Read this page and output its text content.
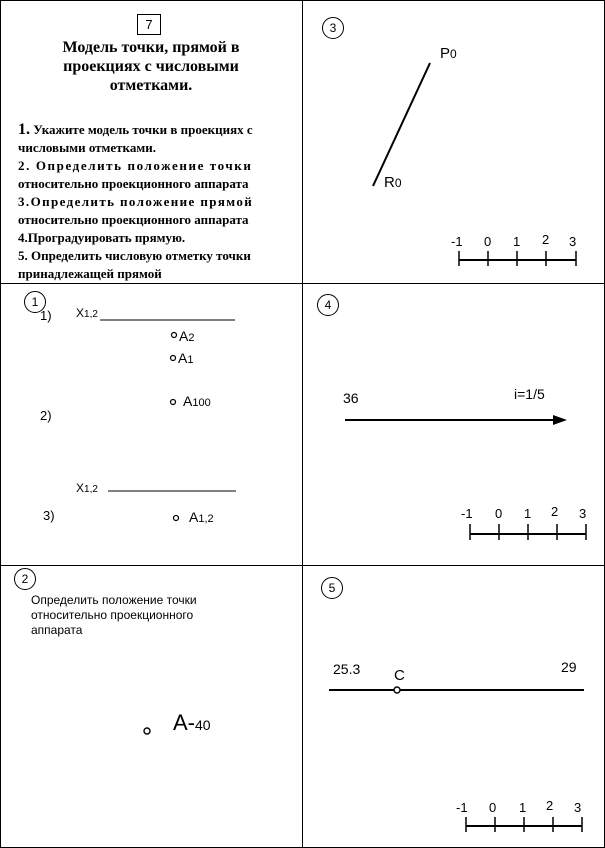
7
Модель точки, прямой в
проекциях с числовыми
отметками.
1. Укажите модель точки в проекциях с
числовыми отметками.
2. Определить положение точки
относительно проекционного аппарата
3.Определить положение прямой
относительно проекционного аппарата
4.Проградуировать прямую.
5. Определить числовую отметку точки
принадлежащей прямой
3
P0
R0
-1 0 1 2 3
1
1)
2)
3)
X1,2
X1,2
A2
A1
A100
A1,2
4
36	i=1/5
-1 0 1 2 3
2
Определить положение точки
относительно проекционного
аппарата
A-40
5
25.3	29
C
-1 0 1 2 3
